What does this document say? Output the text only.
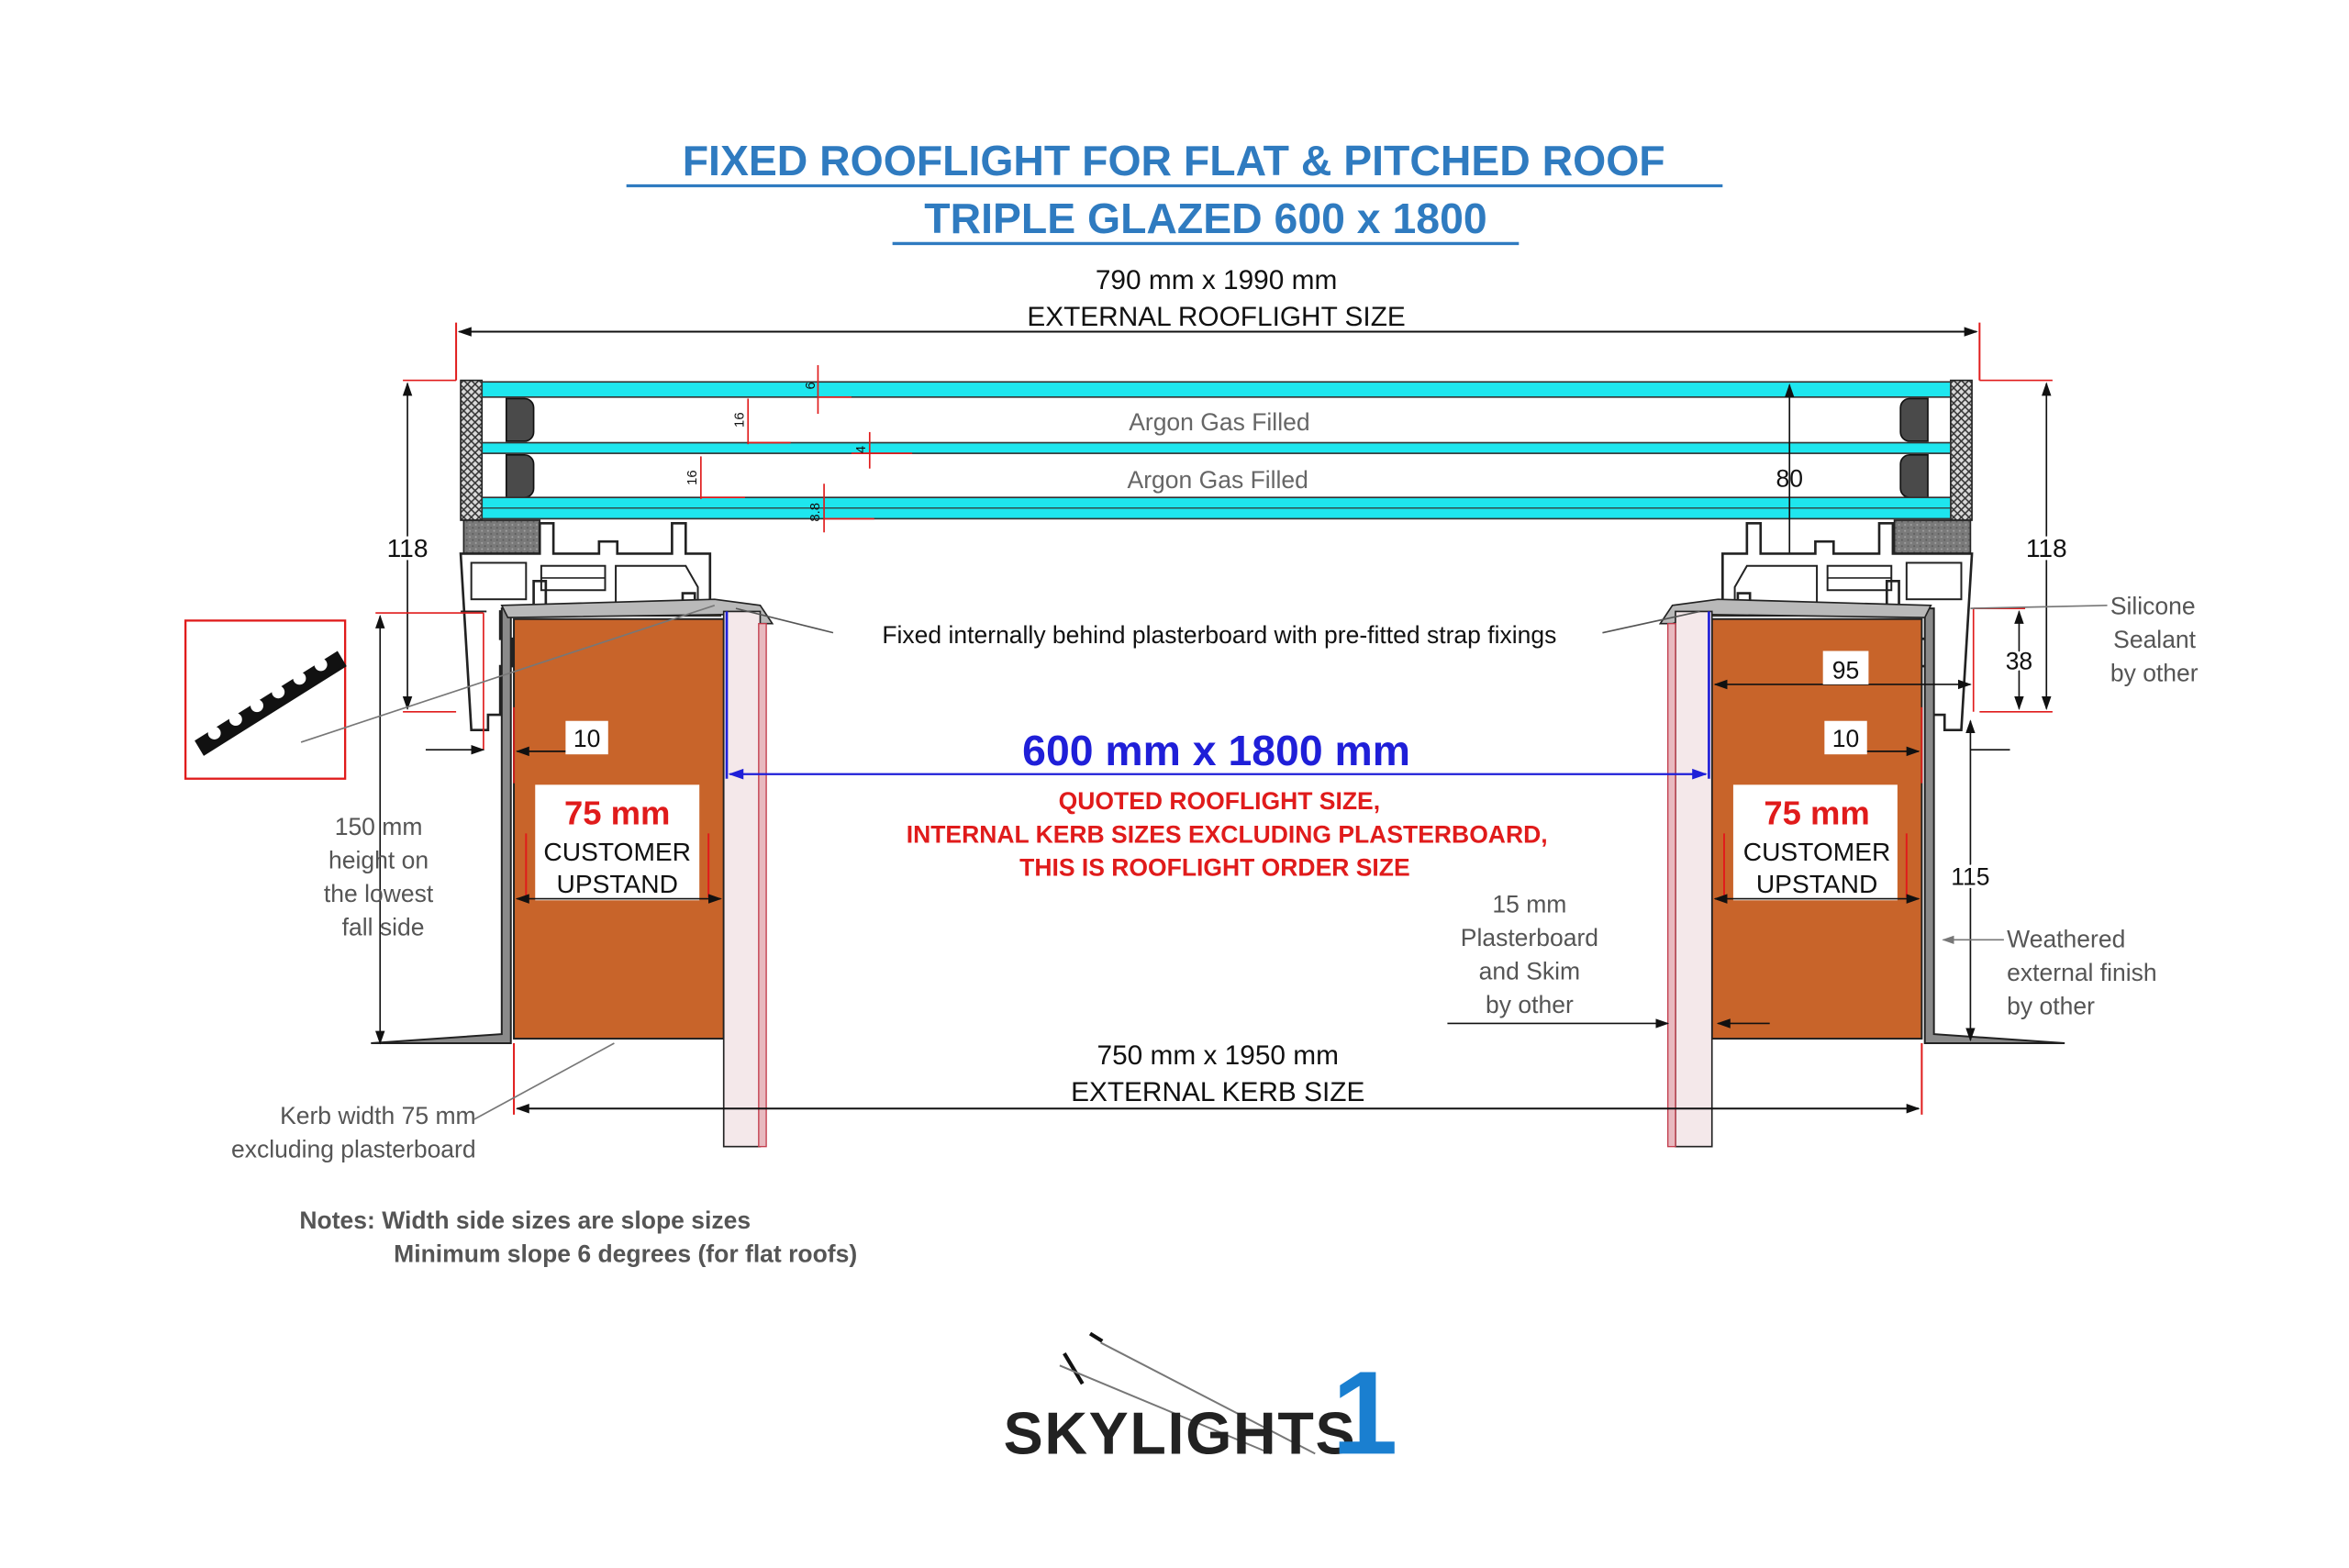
FIXED ROOFLIGHT FOR FLAT & PITCHED ROOF
TRIPLE GLAZED 600 x 1800
790 mm x 1990 mm
EXTERNAL ROOFLIGHT SIZE
Argon Gas Filled
Argon Gas Filled
6
16
4
16
8.8
80
118
10
75 mm
CUSTOMER
UPSTAND
118
38
95
10
115
75 mm
CUSTOMER
UPSTAND
Fixed internally behind plasterboard with pre-fitted strap fixings
Silicone
Sealant
by other
600 mm x 1800 mm
QUOTED ROOFLIGHT SIZE,
INTERNAL KERB SIZES EXCLUDING PLASTERBOARD,
THIS IS ROOFLIGHT ORDER SIZE
150 mm
height on
the lowest
fall side
15 mm
Plasterboard
and Skim
by other
Weathered
external finish
by other
750 mm x 1950 mm
EXTERNAL KERB SIZE
Kerb width 75 mm
excluding plasterboard
Notes: Width side sizes are slope sizes
Minimum slope 6 degrees (for flat roofs)
SKYLIGHTS
1
